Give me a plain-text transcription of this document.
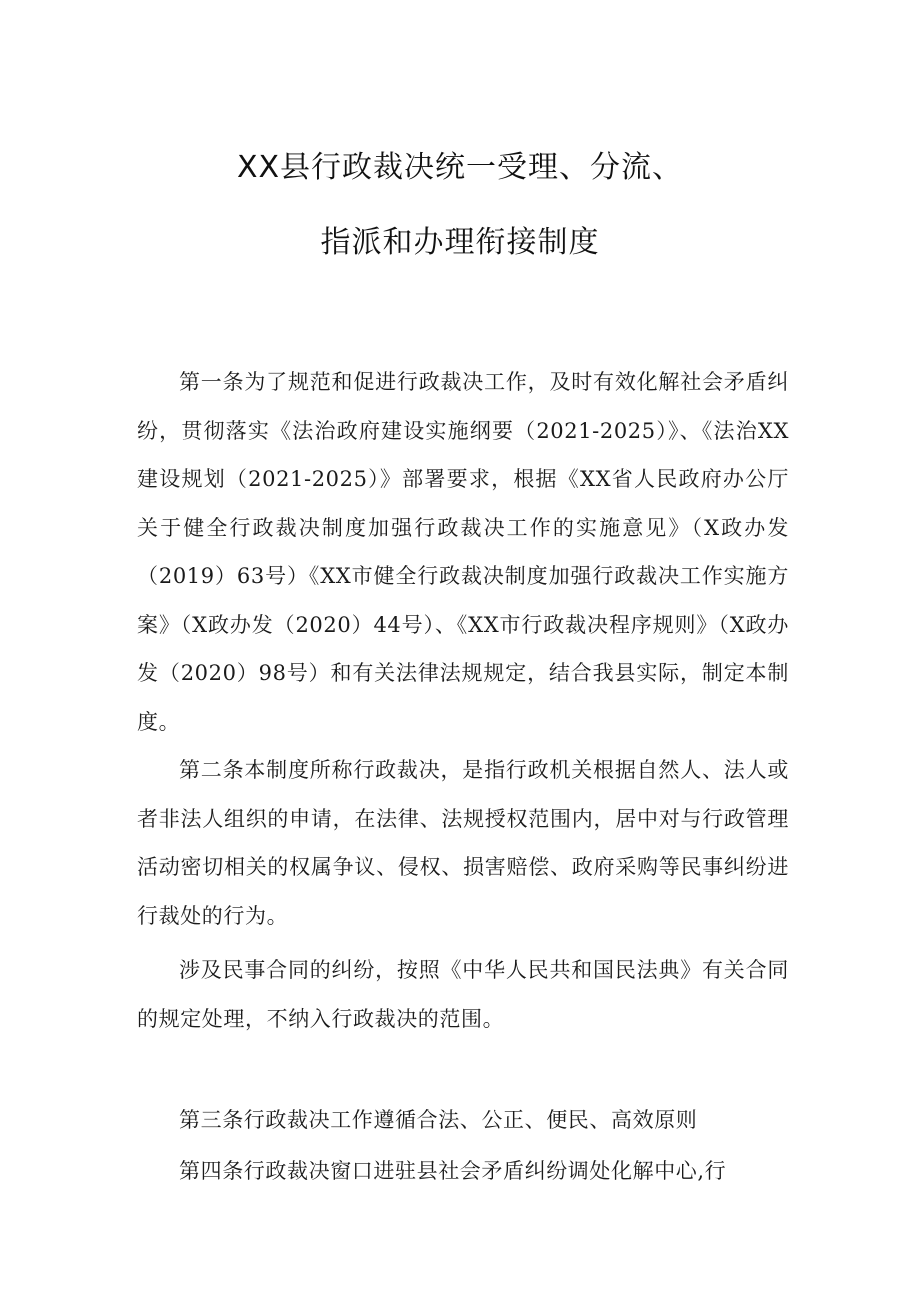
XX县行政裁决统一受理、分流、
指派和办理衔接制度

第一条为了规范和促进行政裁决工作，及时有效化解社会矛盾纠纷，贯彻落实《法治政府建设实施纲要（2021-2025）》、《法治XX建设规划（2021-2025）》部署要求，根据《XX省人民政府办公厅关于健全行政裁决制度加强行政裁决工作的实施意见》（X政办发（2019）63号）《XX市健全行政裁决制度加强行政裁决工作实施方案》（X政办发（2020）44号）、《XX市行政裁决程序规则》（X政办发（2020）98号）和有关法律法规规定，结合我县实际，制定本制度。

第二条本制度所称行政裁决，是指行政机关根据自然人、法人或者非法人组织的申请，在法律、法规授权范围内，居中对与行政管理活动密切相关的权属争议、侵权、损害赔偿、政府采购等民事纠纷进行裁处的行为。

涉及民事合同的纠纷，按照《中华人民共和国民法典》有关合同的规定处理，不纳入行政裁决的范围。

第三条行政裁决工作遵循合法、公正、便民、高效原则

第四条行政裁决窗口进驻县社会矛盾纠纷调处化解中心,行
